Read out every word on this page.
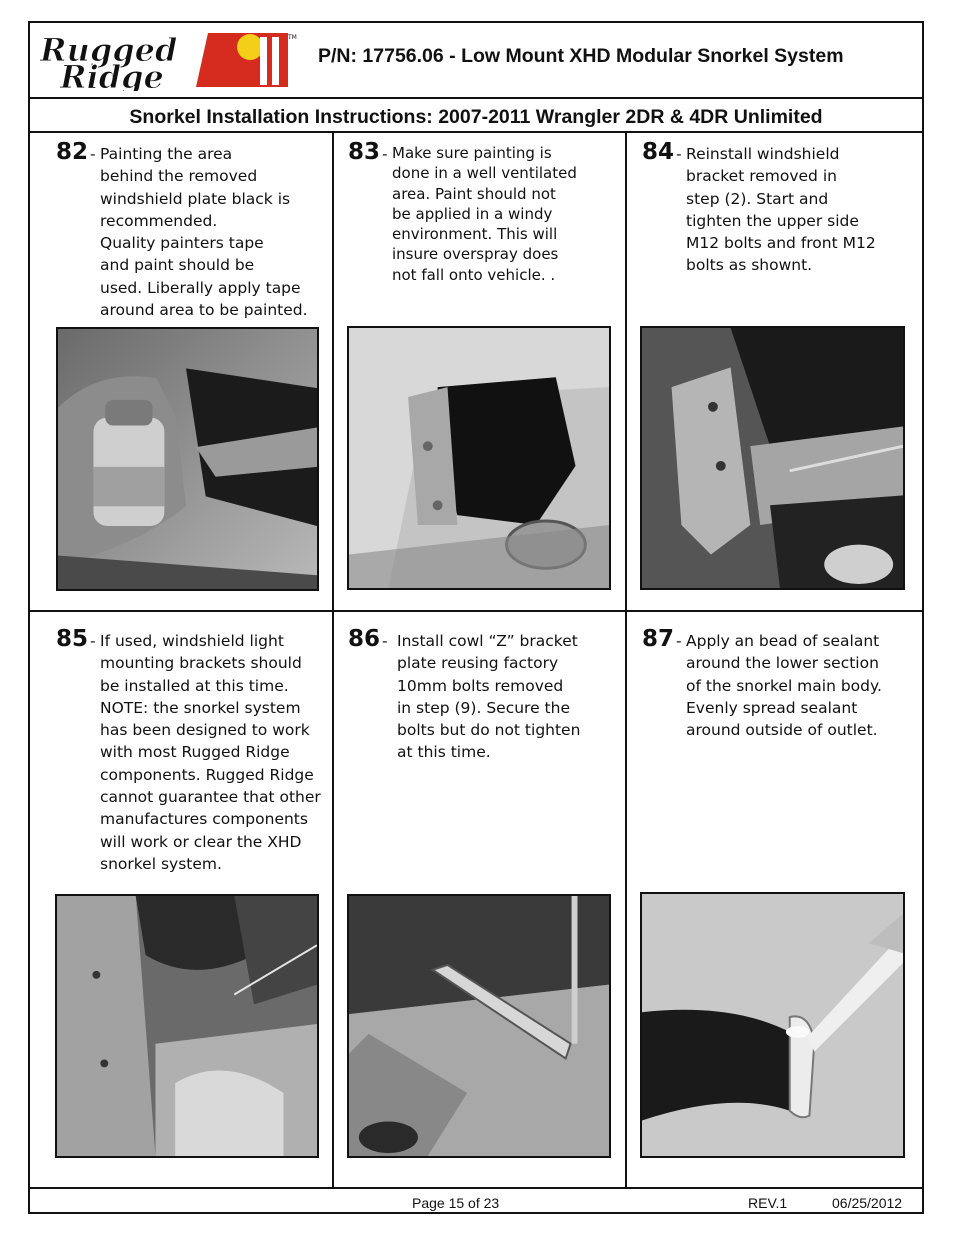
Rugged
Ridge
TM
P/N: 17756.06 - Low Mount XHD Modular Snorkel System
Snorkel Installation Instructions: 2007-2011 Wrangler 2DR & 4DR Unlimited
82 - Painting the area
behind the removed
windshield plate black is
recommended.
Quality painters tape
and paint should be
used. Liberally apply tape
around area to be painted.
83 - Make sure painting is
done in a well ventilated
area. Paint should not
be applied in a windy
environment. This will
insure overspray does
not fall onto vehicle. .
84 - Reinstall windshield
bracket removed in
step (2). Start and
tighten the upper side
M12 bolts and front M12
bolts as shownt.
85 - If used, windshield light
mounting brackets should
be installed at this time.
NOTE: the snorkel system
has been designed to work
with most Rugged Ridge
components. Rugged Ridge
cannot guarantee that other
manufactures components
will work or clear the XHD
snorkel system.
86 - Install cowl “Z” bracket
plate reusing factory
10mm bolts removed
in step (9). Secure the
bolts but do not tighten
at this time.
87 - Apply an bead of sealant
around the lower section
of the snorkel main body.
Evenly spread sealant
around outside of outlet.
Page 15 of 23	REV.1	06/25/2012
